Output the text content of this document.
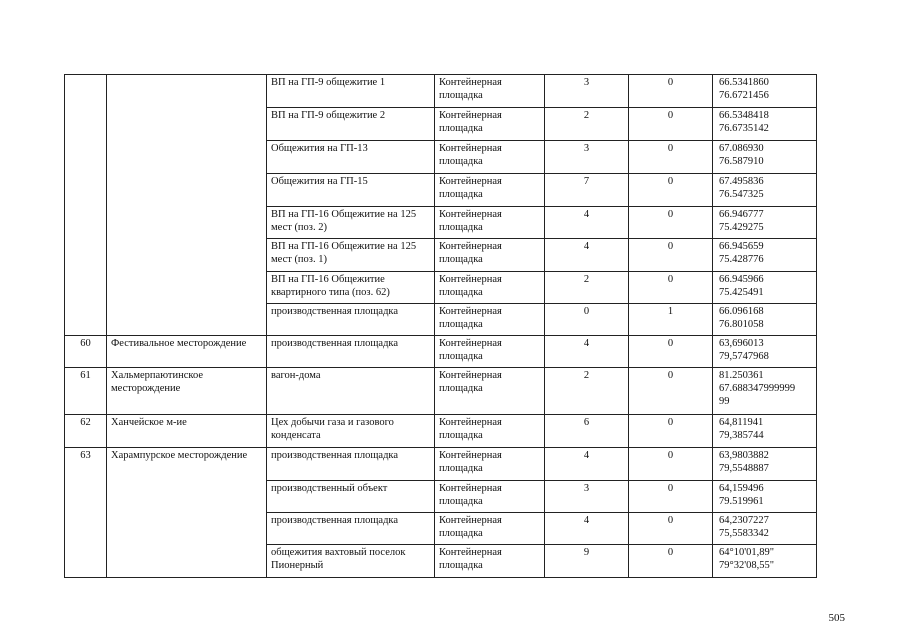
		ВП на ГП-9 общежитие 1	Контейнерная площадка	3	0	66.5341860
76.6721456
		ВП на ГП-9 общежитие 2	Контейнерная площадка	2	0	66.5348418
76.6735142
		Общежития на ГП-13	Контейнерная площадка	3	0	67.086930
76.587910
		Общежития на ГП-15	Контейнерная площадка	7	0	67.495836
76.547325
		ВП на ГП-16 Общежитие на 125 мест (поз. 2)	Контейнерная площадка	4	0	66.946777
75.429275
		ВП на ГП-16 Общежитие на 125 мест (поз. 1)	Контейнерная площадка	4	0	66.945659
75.428776
		ВП на ГП-16 Общежитие квартирного типа (поз. 62)	Контейнерная площадка	2	0	66.945966
75.425491
		производственная площадка	Контейнерная площадка	0	1	66.096168
76.801058
60	Фестивальное месторождение	производственная площадка	Контейнерная площадка	4	0	63,696013
79,5747968
61	Хальмерпаютинское месторождение	вагон-дома	Контейнерная площадка	2	0	81.250361
67.688347999999
99
62	Ханчейское м-ие	Цех добычи газа и газового конденсата	Контейнерная площадка	6	0	64,811941
79,385744
63	Харампурское месторождение	производственная площадка	Контейнерная площадка	4	0	63,9803882
79,5548887
		производственный объект	Контейнерная площадка	3	0	64,159496
79.519961
		производственная площадка	Контейнерная площадка	4	0	64,2307227
75,5583342
		общежития вахтовый поселок Пионерный	Контейнерная площадка	9	0	64°10'01,89"
79°32'08,55"
505
